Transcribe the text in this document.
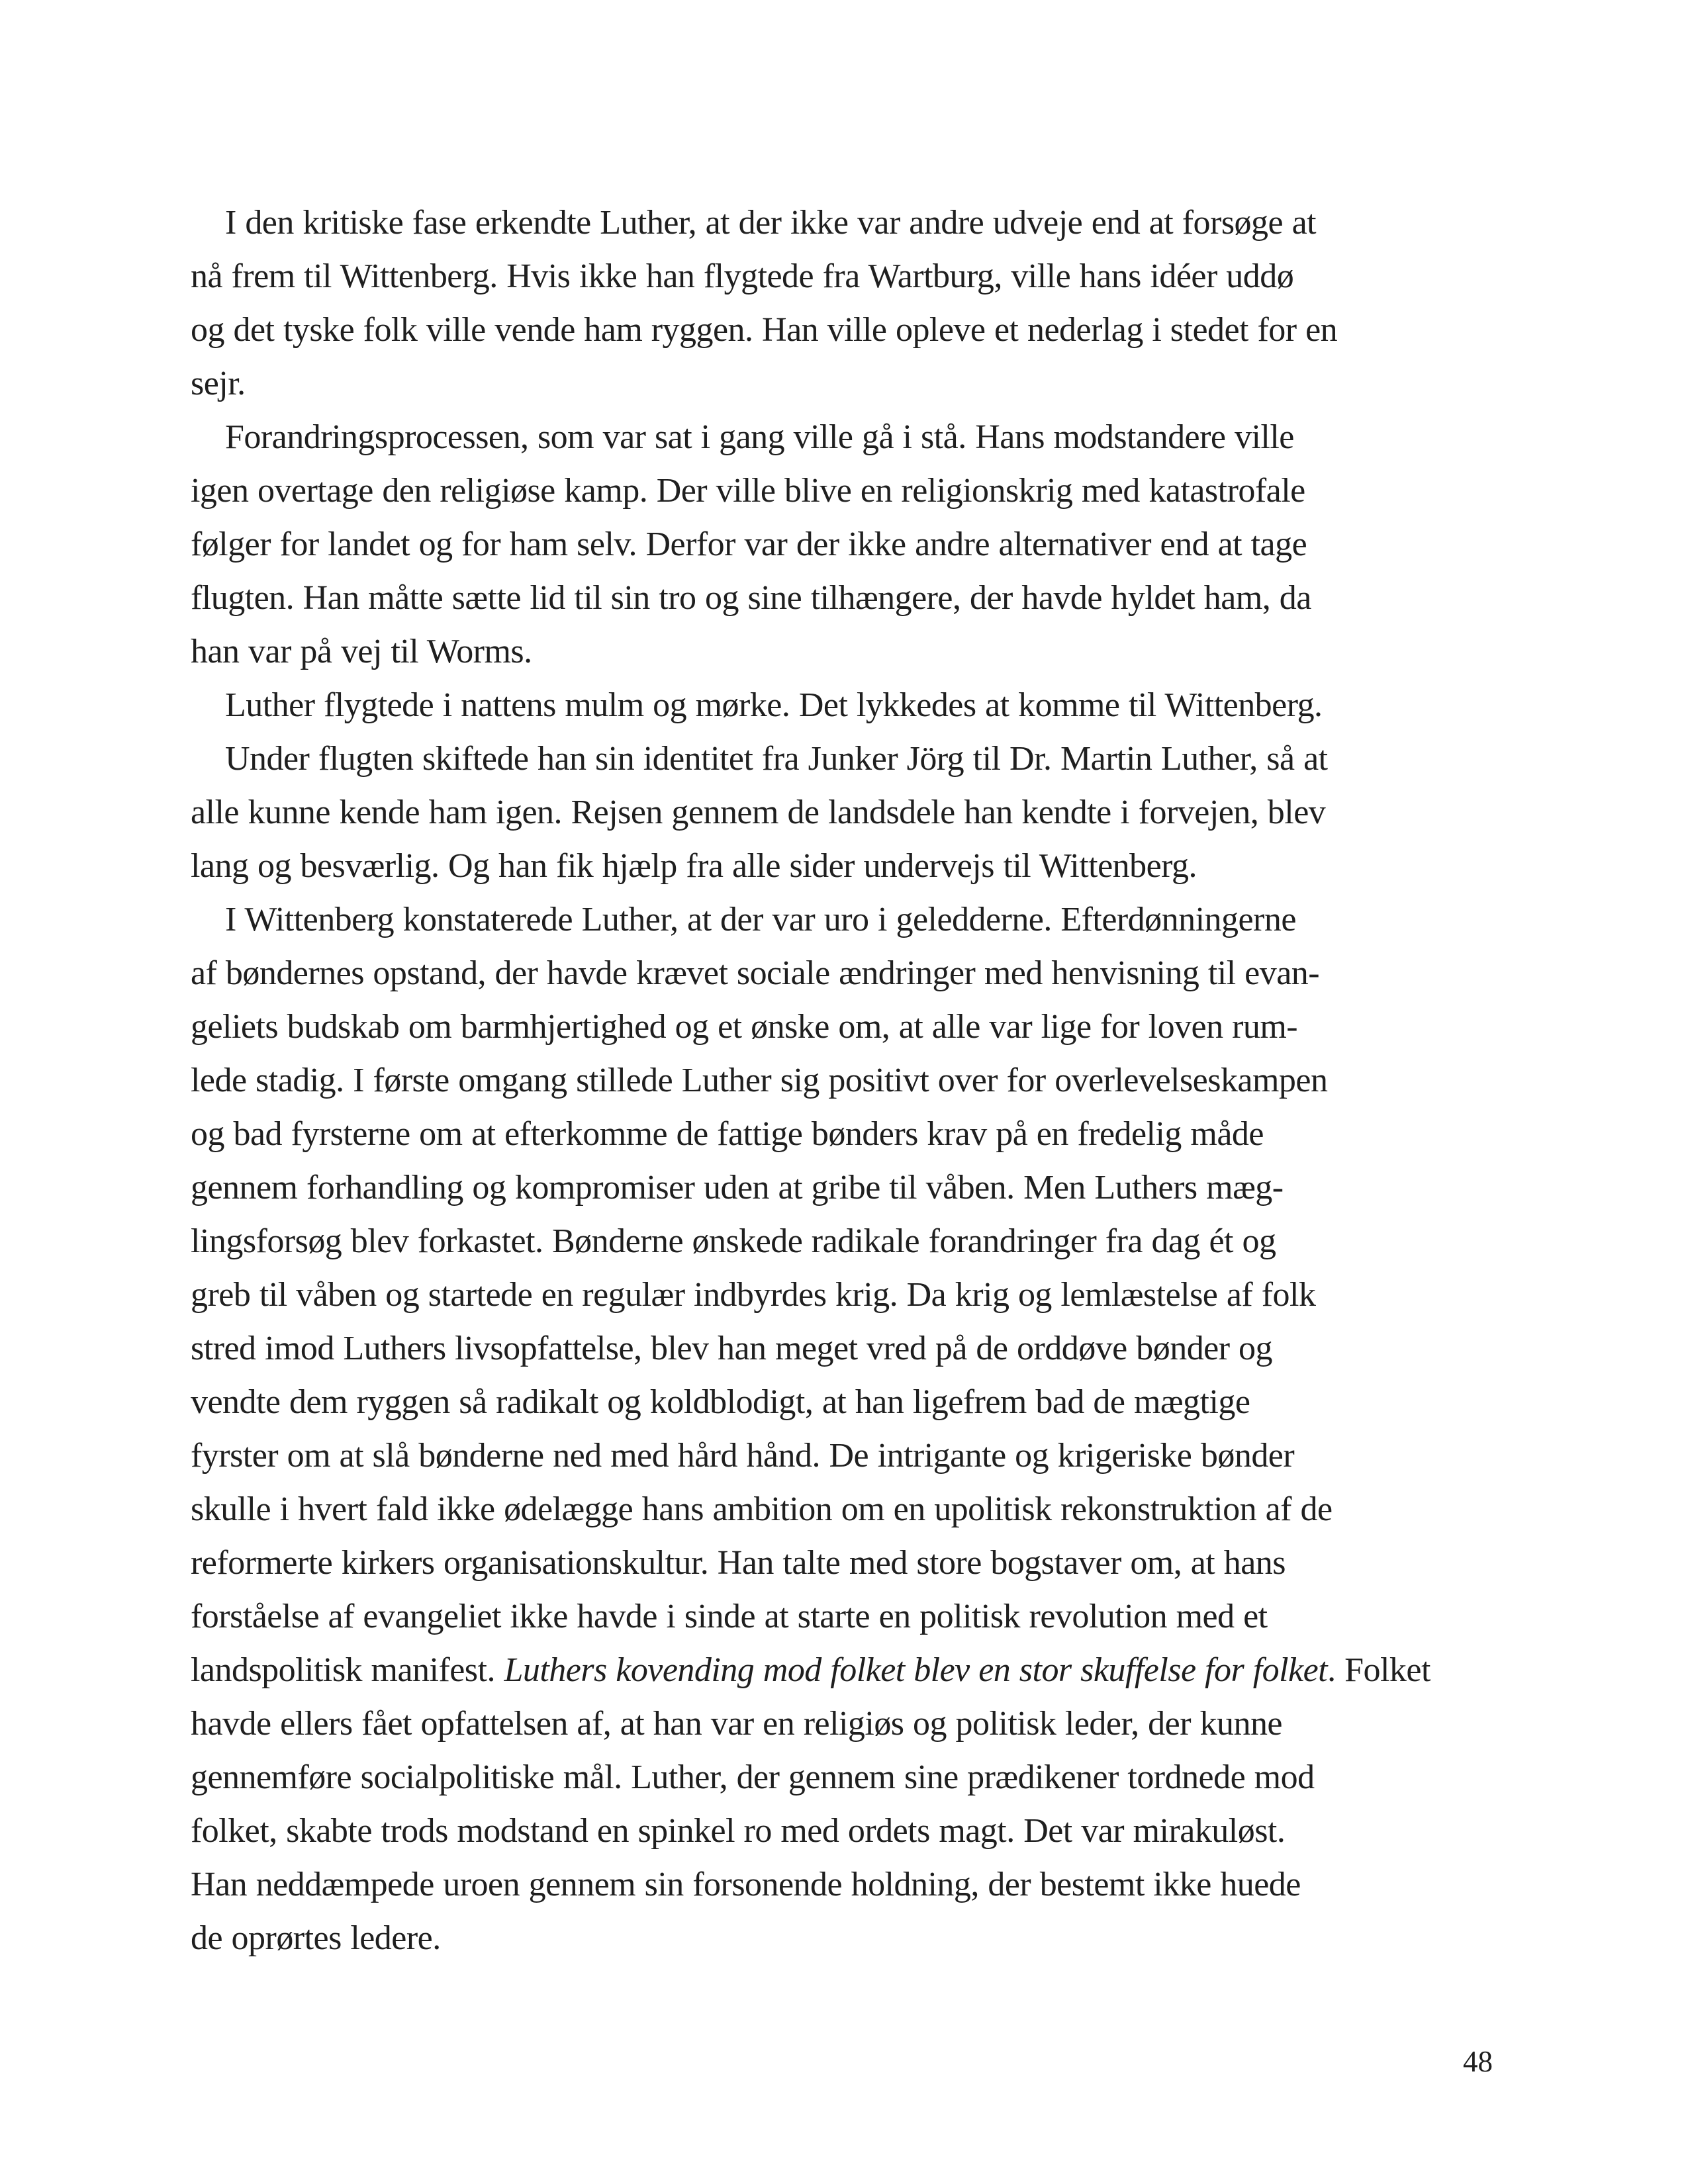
I den kritiske fase erkendte Luther, at der ikke var andre udveje end at forsøge at
nå frem til Wittenberg. Hvis ikke han flygtede fra Wartburg, ville hans idéer uddø
og det tyske folk ville vende ham ryggen. Han ville opleve et nederlag i stedet for en
sejr.
Forandringsprocessen, som var sat i gang ville gå i stå. Hans modstandere ville
igen overtage den religiøse kamp. Der ville blive en religionskrig med katastrofale
følger for landet og for ham selv. Derfor var der ikke andre alternativer end at tage
flugten. Han måtte sætte lid til sin tro og sine tilhængere, der havde hyldet ham, da
han var på vej til Worms.
Luther flygtede i nattens mulm og mørke. Det lykkedes at komme til Wittenberg.
Under flugten skiftede han sin identitet fra Junker Jörg til Dr. Martin Luther, så at
alle kunne kende ham igen. Rejsen gennem de landsdele han kendte i forvejen, blev
lang og besværlig. Og han fik hjælp fra alle sider undervejs til Wittenberg.
I Wittenberg konstaterede Luther, at der var uro i geledderne. Efterdønningerne
af bøndernes opstand, der havde krævet sociale ændringer med henvisning til evan-
geliets budskab om barmhjertighed og et ønske om, at alle var lige for loven rum-
lede stadig. I første omgang stillede Luther sig positivt over for overlevelseskampen
og bad fyrsterne om at efterkomme de fattige bønders krav på en fredelig måde
gennem forhandling og kompromiser uden at gribe til våben. Men Luthers mæg-
lingsforsøg blev forkastet. Bønderne ønskede radikale forandringer fra dag ét og
greb til våben og startede en regulær indbyrdes krig. Da krig og lemlæstelse af folk
stred imod Luthers livsopfattelse, blev han meget vred på de orddøve bønder og
vendte dem ryggen så radikalt og koldblodigt, at han ligefrem bad de mægtige
fyrster om at slå bønderne ned med hård hånd. De intrigante og krigeriske bønder
skulle i hvert fald ikke ødelægge hans ambition om en upolitisk rekonstruktion af de
reformerte kirkers organisationskultur. Han talte med store bogstaver om, at hans
forståelse af evangeliet ikke havde i sinde at starte en politisk revolution med et
landspolitisk manifest. Luthers kovending mod folket blev en stor skuffelse for folket. Folket
havde ellers fået opfattelsen af, at han var en religiøs og politisk leder, der kunne
gennemføre socialpolitiske mål. Luther, der gennem sine prædikener tordnede mod
folket, skabte trods modstand en spinkel ro med ordets magt. Det var mirakuløst.
Han neddæmpede uroen gennem sin forsonende holdning, der bestemt ikke huede
de oprørtes ledere.
48
